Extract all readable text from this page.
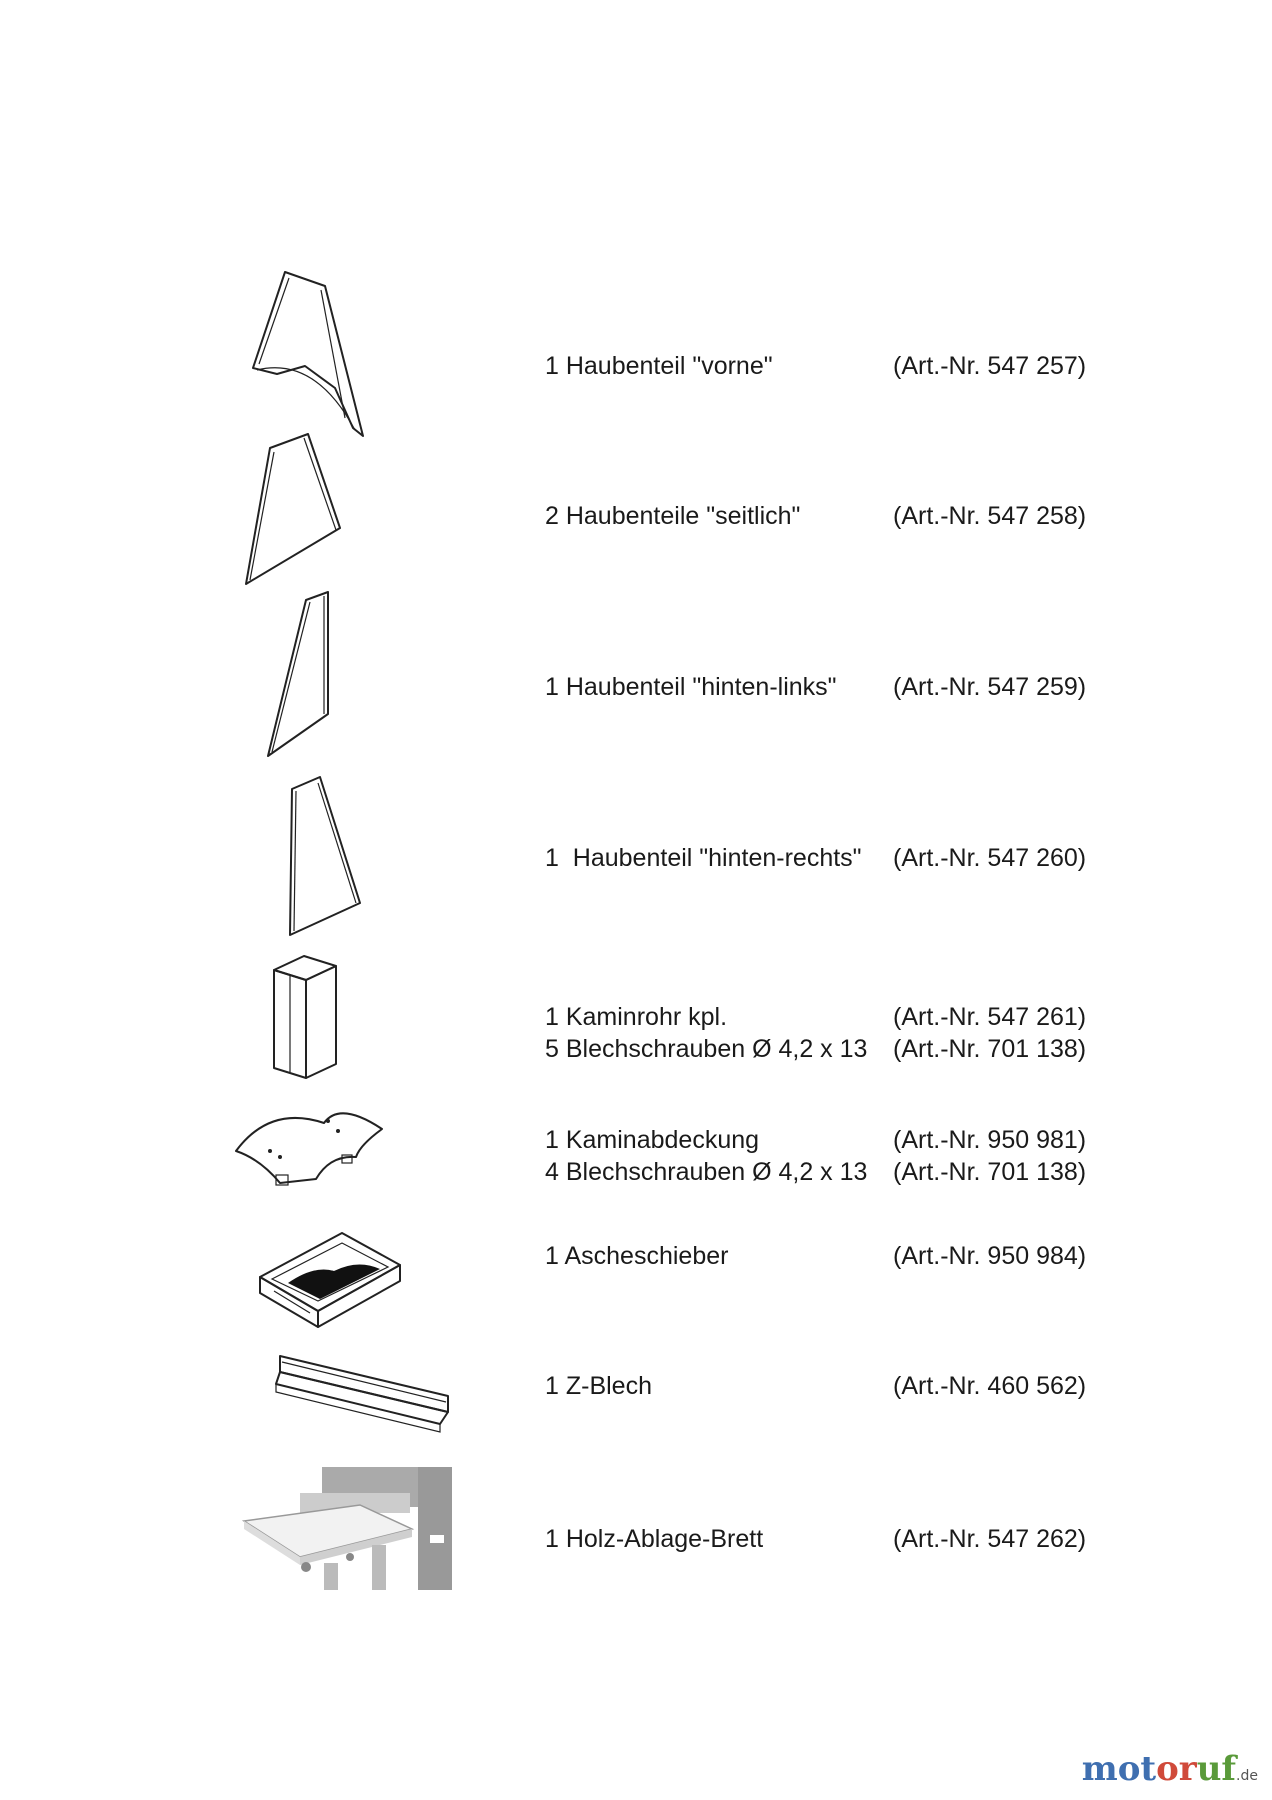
1 Haubenteil "vorne"	(Art.-Nr. 547 257)
2 Haubenteile "seitlich"	(Art.-Nr. 547 258)
1 Haubenteil "hinten-links" (Art.-Nr. 547 259)
1  Haubenteil "hinten-rechts" (Art.-Nr. 547 260)
1 Kaminrohr kpl.	(Art.-Nr. 547 261)
5 Blechschrauben Ø 4,2 x 13 (Art.-Nr. 701 138)
1 Kaminabdeckung	(Art.-Nr. 950 981)
4 Blechschrauben Ø 4,2 x 13 (Art.-Nr. 701 138)
1 Ascheschieber	(Art.-Nr. 950 984)
1 Z-Blech	(Art.-Nr. 460 562)
1 Holz-Ablage-Brett	(Art.-Nr. 547 262)
motoruf.de
